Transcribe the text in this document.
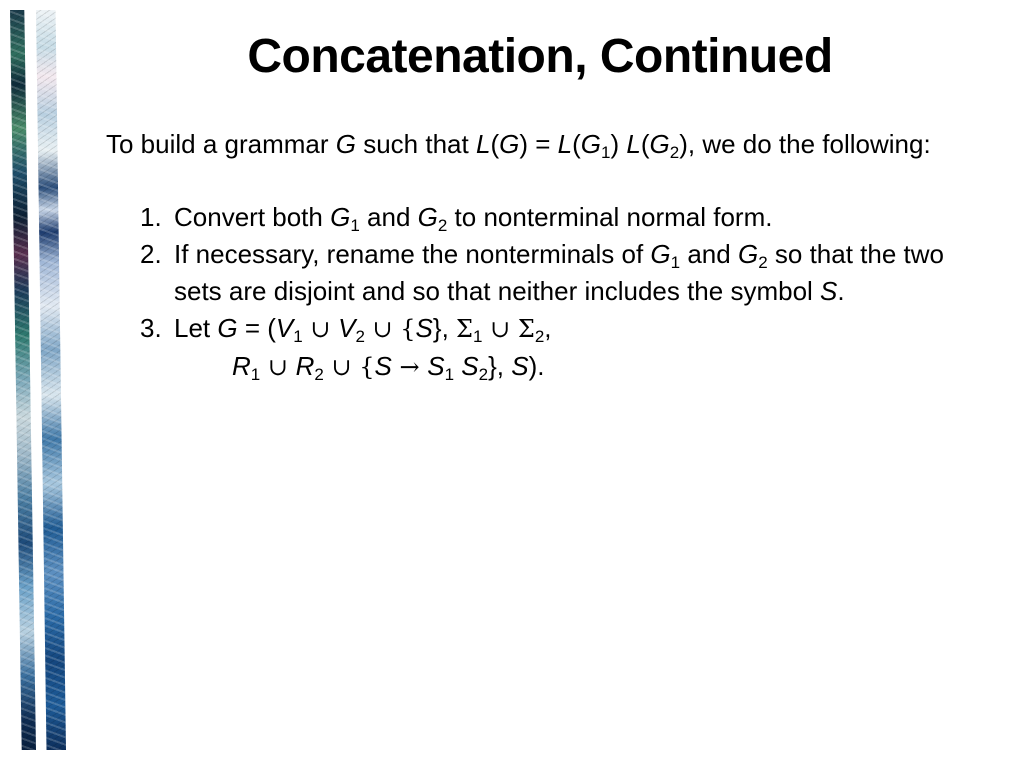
Concatenation, Continued

To build a grammar G such that $L(G) = L(G_1)$ $L(G_2)$, we do the following:

1. Convert both $G_1$ and $G_2$ to nonterminal normal form.

2. If necessary, rename the nonterminals of $G_1$ and $G_2$ so that the two sets are disjoint and so that neither includes the symbol S.

3. Let $G = (V_1$ ∪ $V_2$ ∪ {S}, $\Sigma_1$ ∪ $\Sigma_2$,

$R_1$ ∪ $R_2$ ∪ {$S \to S_1$ $S_2$}, S).
